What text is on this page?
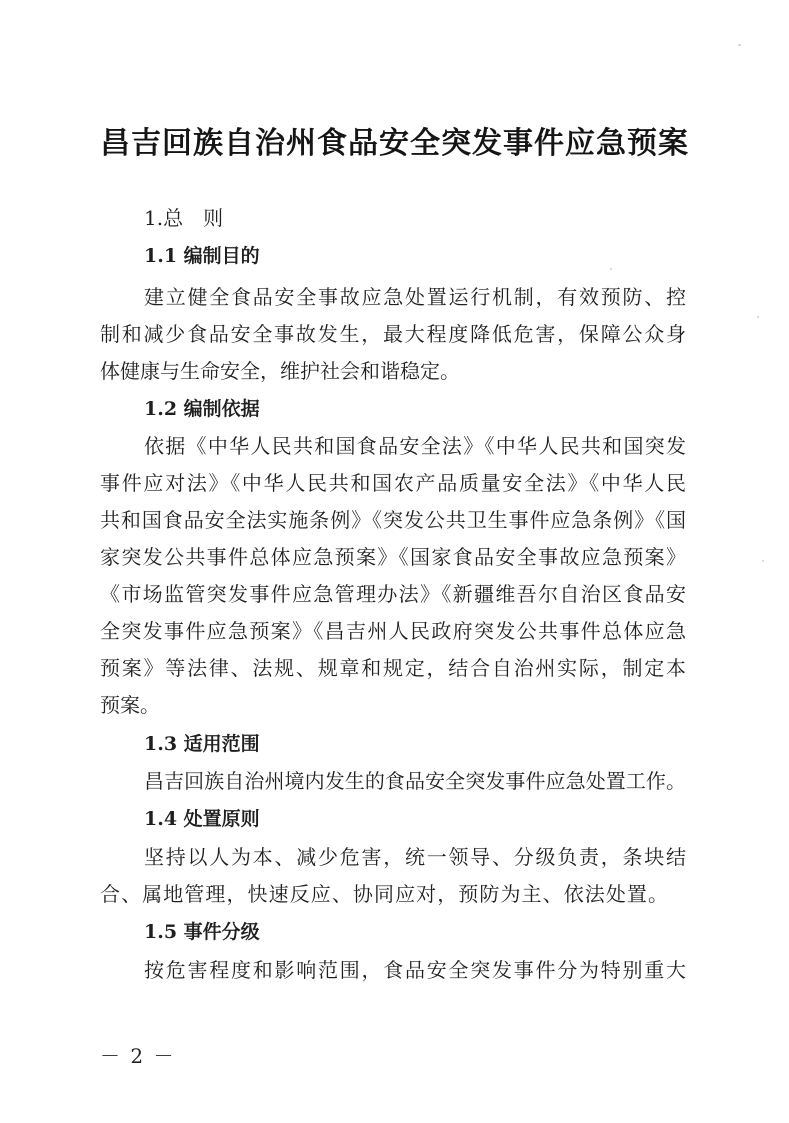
昌吉回族自治州食品安全突发事件应急预案
1.总　则
1.1 编制目的
建立健全食品安全事故应急处置运行机制，有效预防、控
制和减少食品安全事故发生，最大程度降低危害，保障公众身
体健康与生命安全，维护社会和谐稳定。
1.2 编制依据
依据《中华人民共和国食品安全法》《中华人民共和国突发
事件应对法》《中华人民共和国农产品质量安全法》《中华人民
共和国食品安全法实施条例》《突发公共卫生事件应急条例》《国
家突发公共事件总体应急预案》《国家食品安全事故应急预案》
《市场监管突发事件应急管理办法》《新疆维吾尔自治区食品安
全突发事件应急预案》《昌吉州人民政府突发公共事件总体应急
预案》等法律、法规、规章和规定，结合自治州实际，制定本
预案。
1.3 适用范围
昌吉回族自治州境内发生的食品安全突发事件应急处置工作。
1.4 处置原则
坚持以人为本、减少危害，统一领导、分级负责，条块结
合、属地管理，快速反应、协同应对，预防为主、依法处置。
1.5 事件分级
按危害程度和影响范围，食品安全突发事件分为特别重大
－ 2 －
